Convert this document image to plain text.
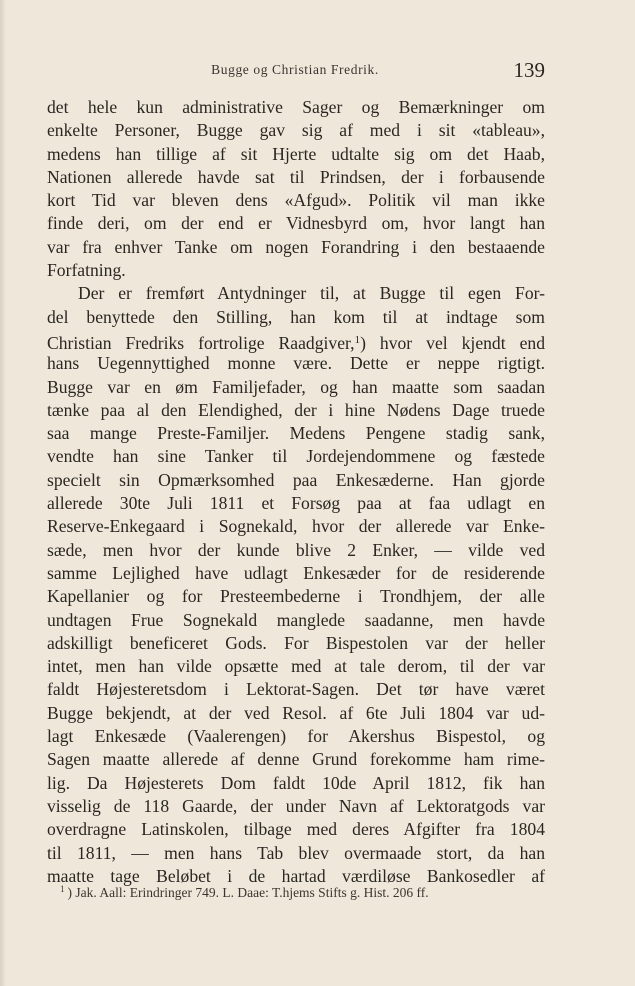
Bugge og Christian Fredrik.	139
det hele kun administrative Sager og Bemærkninger om
enkelte Personer, Bugge gav sig af med i sit «tableau»,
medens han tillige af sit Hjerte udtalte sig om det Haab,
Nationen allerede havde sat til Prindsen, der i forbausende
kort Tid var bleven dens «Afgud». Politik vil man ikke
finde deri, om der end er Vidnesbyrd om, hvor langt han
var fra enhver Tanke om nogen Forandring i den bestaaende
Forfatning.
Der er fremført Antydninger til, at Bugge til egen For-
del benyttede den Stilling, han kom til at indtage som
Christian Fredriks fortrolige Raadgiver,$^1$) hvor vel kjendt end
hans Uegennyttighed monne være. Dette er neppe rigtigt.
Bugge var en øm Familjefader, og han maatte som saadan
tænke paa al den Elendighed, der i hine Nødens Dage truede
saa mange Preste-Familjer. Medens Pengene stadig sank,
vendte han sine Tanker til Jordejendommene og fæstede
specielt sin Opmærksomhed paa Enkesæderne. Han gjorde
allerede 30te Juli 1811 et Forsøg paa at faa udlagt en
Reserve-Enkegaard i Sognekald, hvor der allerede var Enke-
sæde, men hvor der kunde blive 2 Enker, — vilde ved
samme Lejlighed have udlagt Enkesæder for de residerende
Kapellanier og for Presteembederne i Trondhjem, der alle
undtagen Frue Sognekald manglede saadanne, men havde
adskilligt beneficeret Gods. For Bispestolen var der heller
intet, men han vilde opsætte med at tale derom, til der var
faldt Højesteretsdom i Lektorat-Sagen. Det tør have været
Bugge bekjendt, at der ved Resol. af 6te Juli 1804 var ud-
lagt Enkesæde (Vaalerengen) for Akershus Bispestol, og
Sagen maatte allerede af denne Grund forekomme ham rime-
lig. Da Højesterets Dom faldt 10de April 1812, fik han
visselig de 118 Gaarde, der under Navn af Lektoratgods var
overdragne Latinskolen, tilbage med deres Afgifter fra 1804
til 1811, — men hans Tab blev overmaade stort, da han
maatte tage Beløbet i de hartad værdiløse Bankosedler af
$^1$ ) Jak. Aall: Erindringer 749. L. Daae: T.hjems Stifts g. Hist. 206 ff.
